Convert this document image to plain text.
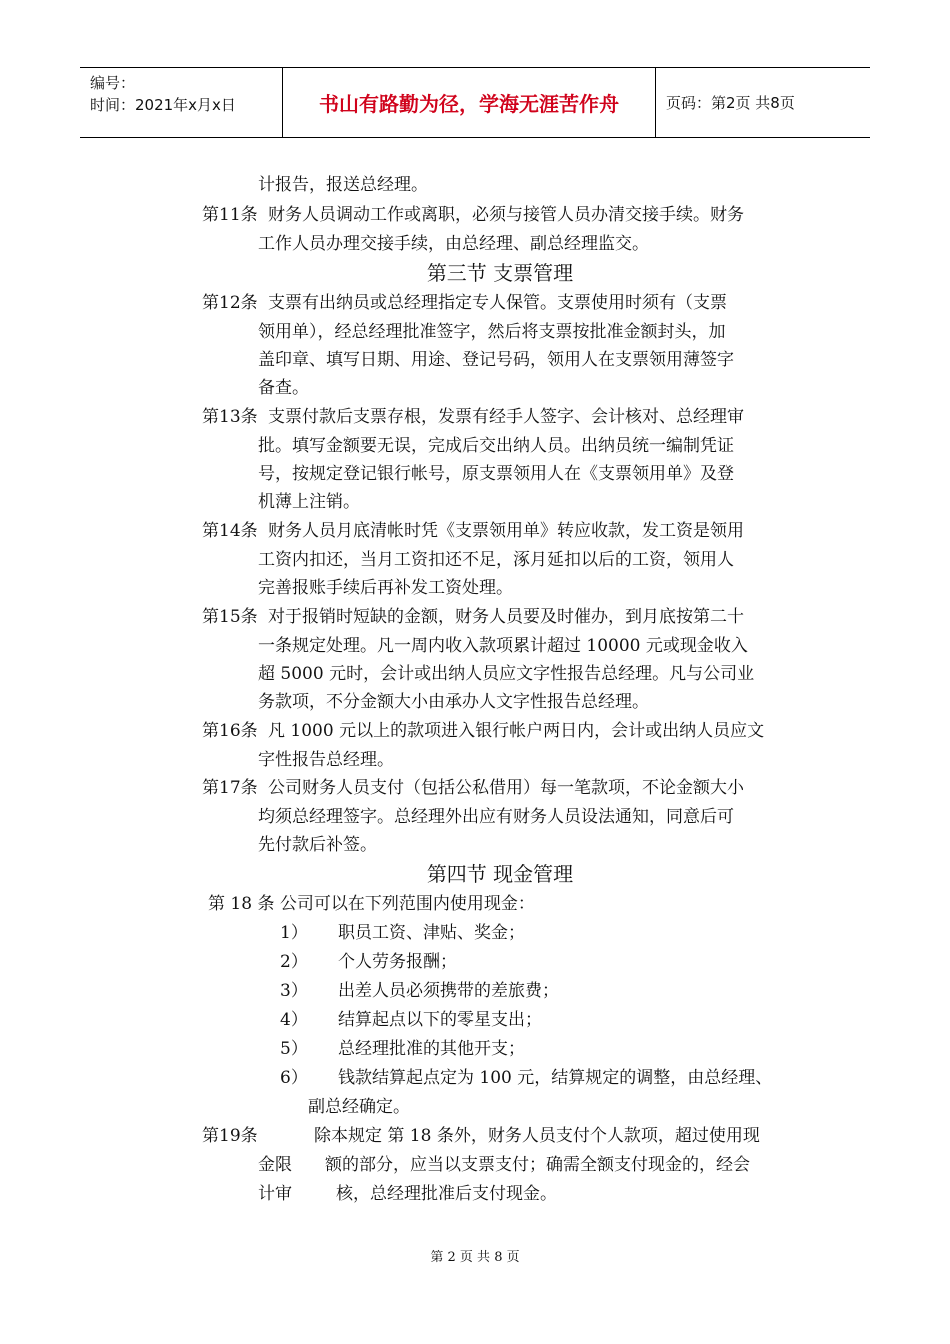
编号：
时间：2021年x月x日	书山有路勤为径，学海无涯苦作舟	页码：第2页 共8页
计报告，报送总经理。
第11条 财务人员调动工作或离职，必须与接管人员办清交接手续。财务
工作人员办理交接手续，由总经理、副总经理监交。
第三节 支票管理
第12条 支票有出纳员或总经理指定专人保管。支票使用时须有（支票
领用单），经总经理批准签字，然后将支票按批准金额封头，加
盖印章、填写日期、用途、登记号码，领用人在支票领用薄签字
备查。
第13条 支票付款后支票存根，发票有经手人签字、会计核对、总经理审
批。填写金额要无误，完成后交出纳人员。出纳员统一编制凭证
号，按规定登记银行帐号，原支票领用人在《支票领用单》及登
机薄上注销。
第14条 财务人员月底清帐时凭《支票领用单》转应收款，发工资是领用
工资内扣还，当月工资扣还不足，涿月延扣以后的工资，领用人
完善报账手续后再补发工资处理。
第15条 对于报销时短缺的金额，财务人员要及时催办，到月底按第二十
一条规定处理。凡一周内收入款项累计超过 10000 元或现金收入
超 5000 元时，会计或出纳人员应文字性报告总经理。凡与公司业
务款项，不分金额大小由承办人文字性报告总经理。
第16条 凡 1000 元以上的款项进入银行帐户两日内，会计或出纳人员应文
字性报告总经理。
第17条 公司财务人员支付（包括公私借用）每一笔款项，不论金额大小
均须总经理签字。总经理外出应有财务人员设法通知，同意后可
先付款后补签。
第四节 现金管理
第 18 条 公司可以在下列范围内使用现金：
1） 职员工资、津贴、奖金；
2） 个人劳务报酬；
3） 出差人员必须携带的差旅费；
4） 结算起点以下的零星支出；
5） 总经理批准的其他开支；
6） 钱款结算起点定为 100 元，结算规定的调整，由总经理、
副总经确定。
第19条	除本规定 第 18 条外，财务人员支付个人款项，超过使用现
金限 额的部分，应当以支票支付；确需全额支付现金的，经会
计审	核，总经理批准后支付现金。
第 2 页 共 8 页
